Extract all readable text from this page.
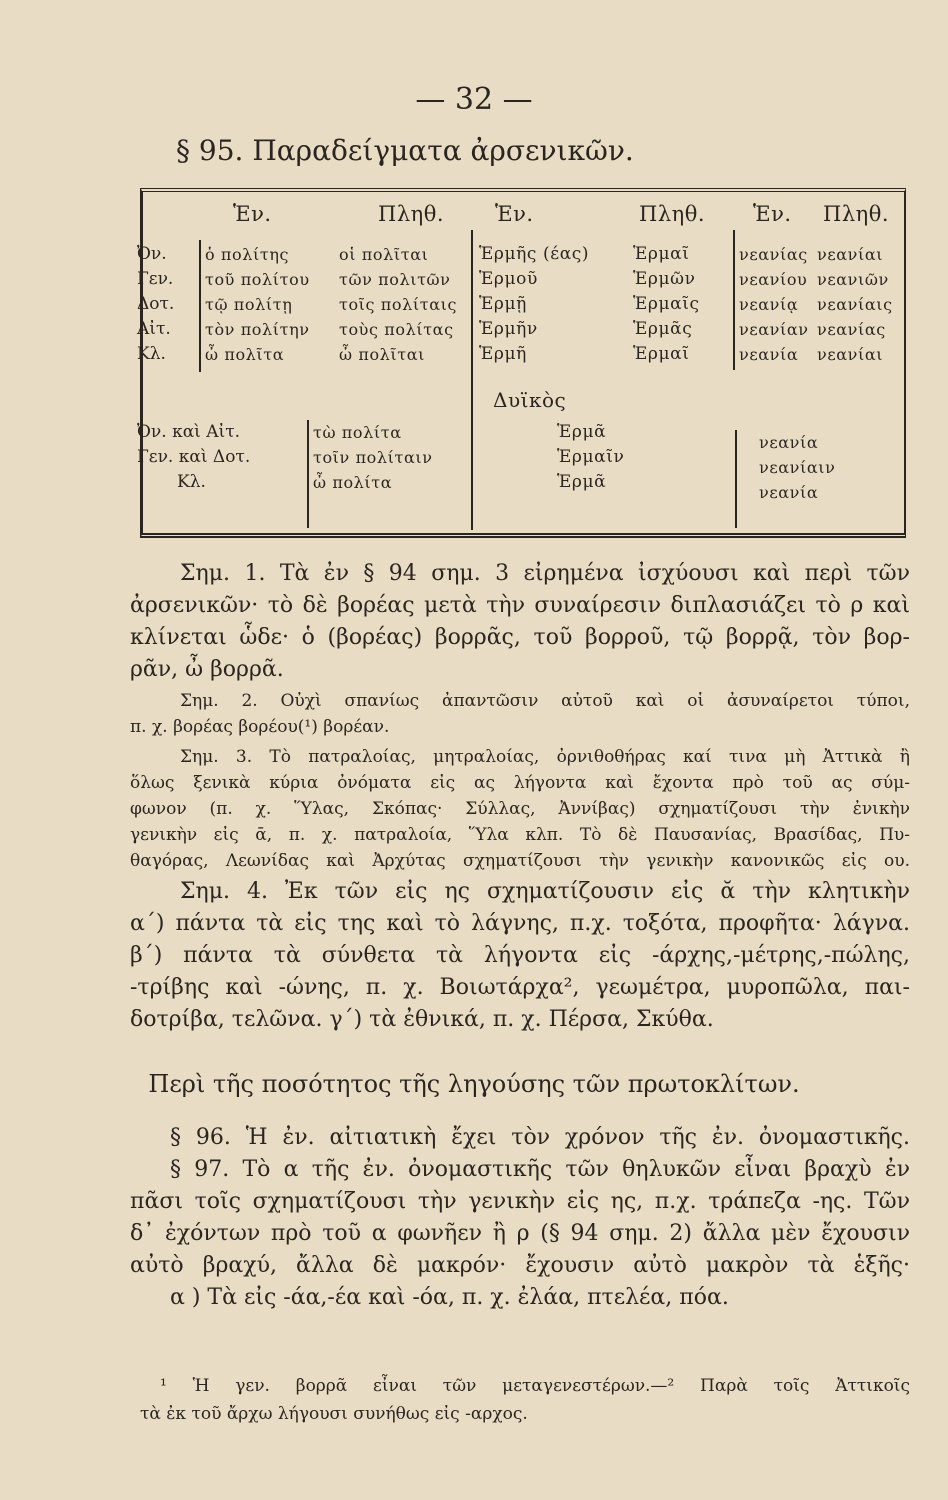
— 32 —
§ 95. Παραδείγματα ἀρσενικῶν.
Ἑν.	Πληθ. Ἑν.	Πληθ. Ἑν. Πληθ.
Ὀν.
Γεν.
Δοτ.
Αἰτ.
Κλ.
ὁ πολίτης
τοῦ πολίτου
τῷ πολίτῃ
τὸν πολίτην
ὦ πολῖτα
οἱ πολῖται
τῶν πολιτῶν
τοῖς πολίταις
τοὺς πολίτας
ὦ πολῖται
Ἑρμῆς (έας)
Ἑρμοῦ
Ἑρμῇ
Ἑρμῆν
Ἑρμῆ
Ἑρμαῖ
Ἑρμῶν
Ἑρμαῖς
Ἑρμᾶς
Ἑρμαῖ
νεανίας
νεανίου
νεανίᾳ
νεανίαν
νεανία
νεανίαι
νεανιῶν
νεανίαις
νεανίας
νεανίαι
Δυϊκὸς
Ὀν. καὶ Αἰτ.
Γεν. καὶ Δοτ.
Κλ.
τὼ πολίτα
τοῖν πολίταιν
ὦ πολίτα
Ἑρμᾶ
Ἑρμαῖν
Ἑρμᾶ
νεανία
νεανίαιν
νεανία
Σημ. 1. Τὰ ἐν § 94 σημ. 3 εἰρημένα ἰσχύουσι καὶ περὶ τῶν
ἀρσενικῶν· τὸ δὲ βορέας μετὰ τὴν συναίρεσιν διπλασιάζει τὸ ρ καὶ
κλίνεται ὧδε· ὁ (βορέας) βορρᾶς, τοῦ βορροῦ, τῷ βορρᾷ, τὸν βορ-
ρᾶν, ὦ βορρᾶ.
Σημ. 2. Οὐχὶ σπανίως ἀπαντῶσιν αὐτοῦ καὶ οἱ ἀσυναίρετοι τύποι,
π. χ. βορέας βορέου(¹) βορέαν.
Σημ. 3. Τὸ πατραλοίας, μητραλοίας, ὀρνιθοθήρας καί τινα μὴ Ἀττικὰ ἢ
ὅλως ξενικὰ κύρια ὀνόματα εἰς ας λήγοντα καὶ ἔχοντα πρὸ τοῦ ας σύμ-
φωνον (π. χ. Ὕλας, Σκόπας· Σύλλας, Ἀννίβας) σχηματίζουσι τὴν ἐνικὴν
γενικὴν εἰς ᾱ, π. χ. πατραλοία, Ὕλα κλπ. Τὸ δὲ Παυσανίας, Βρασίδας, Πυ-
θαγόρας, Λεωνίδας καὶ Ἀρχύτας σχηματίζουσι τὴν γενικὴν κανονικῶς εἰς ου.
Σημ. 4. Ἐκ τῶν εἰς ης σχηματίζουσιν εἰς ᾰ τὴν κλητικὴν
α΄) πάντα τὰ εἰς της καὶ τὸ λάγνης, π.χ. τοξότα, προφῆτα· λάγνα.
β΄) πάντα τὰ σύνθετα τὰ λήγοντα εἰς -άρχης,-μέτρης,-πώλης,
-τρίβης καὶ -ώνης, π. χ. Βοιωτάρχα², γεωμέτρα, μυροπῶλα, παι-
δοτρίβα, τελῶνα. γ΄) τὰ ἐθνικά, π. χ. Πέρσα, Σκύθα.
Περὶ τῆς ποσότητος τῆς ληγούσης τῶν πρωτοκλίτων.
§ 96. Ἡ ἐν. αἰτιατικὴ ἔχει τὸν χρόνον τῆς ἐν. ὀνομαστικῆς.
§ 97. Τὸ α τῆς ἐν. ὀνομαστικῆς τῶν θηλυκῶν εἶναι βραχὺ ἐν
πᾶσι τοῖς σχηματίζουσι τὴν γενικὴν εἰς ης, π.χ. τράπεζα -ης. Τῶν
δ᾽ ἐχόντων πρὸ τοῦ α φωνῆεν ἢ ρ (§ 94 σημ. 2) ἄλλα μὲν ἔχουσιν
αὐτὸ βραχύ, ἄλλα δὲ μακρόν· ἔχουσιν αὐτὸ μακρὸν τὰ ἑξῆς·
α ) Τὰ εἰς -άα,-έα καὶ -όα, π. χ. ἐλάα, πτελέα, πόα.
¹ Ἡ γεν. βορρᾶ εἶναι τῶν μεταγενεστέρων.—² Παρὰ τοῖς Ἀττικοῖς
τὰ ἐκ τοῦ ἄρχω λήγουσι συνήθως εἰς -αρχος.
